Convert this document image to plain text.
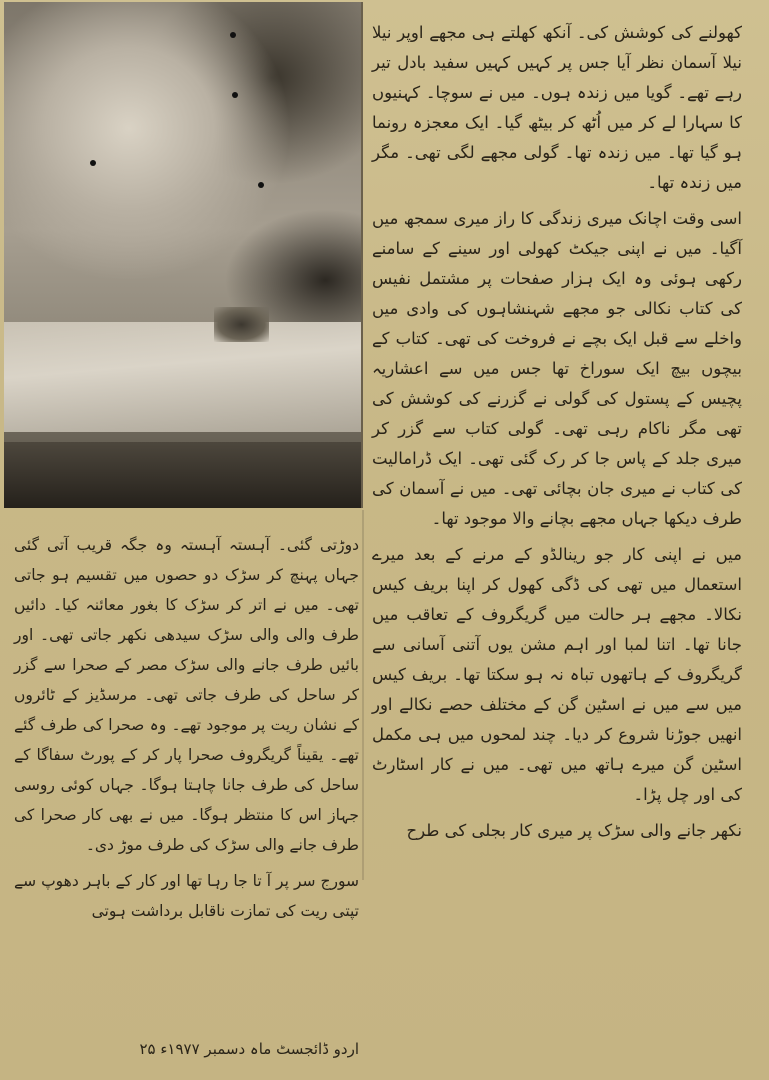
کھولنے کی کوشش کی۔ آنکھ کھلتے ہی مجھے اوپر نیلا نیلا آسمان نظر آیا جس پر کہیں کہیں سفید بادل تیر رہے تھے۔ گویا میں زندہ ہوں۔ میں نے سوچا۔ کہنیوں کا سہارا لے کر میں اُٹھ کر بیٹھ گیا۔ ایک معجزہ رونما ہو گیا تھا۔ میں زندہ تھا۔ گولی مجھے لگی تھی۔ مگر میں زندہ تھا۔

اسی وقت اچانک میری زندگی کا راز میری سمجھ میں آگیا۔ میں نے اپنی جیکٹ کھولی اور سینے کے سامنے رکھی ہوئی وہ ایک ہزار صفحات پر مشتمل نفیس کی کتاب نکالی جو مجھے شہنشاہوں کی وادی میں واخلے سے قبل ایک بچے نے فروخت کی تھی۔ کتاب کے بیچوں بیچ ایک سوراخ تھا جس میں سے اعشاریہ پچیس کے پستول کی گولی نے گزرنے کی کوشش کی تھی مگر ناکام رہی تھی۔ گولی کتاب سے گزر کر میری جلد کے پاس جا کر رک گئی تھی۔ ایک ڈرامالیت کی کتاب نے میری جان بچائی تھی۔ میں نے آسمان کی طرف دیکھا جہاں مجھے بچانے والا موجود تھا۔

میں نے اپنی کار جو رینالڈو کے مرنے کے بعد میرے استعمال میں تھی کی ڈگی کھول کر اپنا بریف کیس نکالا۔ مجھے ہر حالت میں گریگروف کے تعاقب میں جانا تھا۔ اتنا لمبا اور اہم مشن یوں آتنی آسانی سے گریگروف کے ہاتھوں تباہ نہ ہو سکتا تھا۔ بریف کیس میں سے میں نے اسٹین گن کے مختلف حصے نکالے اور انھیں جوڑنا شروع کر دیا۔ چند لمحوں میں ہی مکمل اسٹین گن میرے ہاتھ میں تھی۔ میں نے کار اسٹارٹ کی اور چل پڑا۔

نکھر جانے والی سڑک پر میری کار بجلی کی طرح

دوڑتی گئی۔ آہستہ آہستہ وہ جگہ قریب آتی گئی جہاں پہنچ کر سڑک دو حصوں میں تقسیم ہو جاتی تھی۔ میں نے اتر کر سڑک کا بغور معائنہ کیا۔ دائیں طرف والی والی سڑک سیدھی نکھر جاتی تھی۔ اور بائیں طرف جانے والی سڑک مصر کے صحرا سے گزر کر ساحل کی طرف جاتی تھی۔ مرسڈیز کے ٹائروں کے نشان ریت پر موجود تھے۔ وہ صحرا کی طرف گئے تھے۔ یقیناً گریگروف صحرا پار کر کے پورٹ سفاگا کے ساحل کی طرف جانا چاہتا ہوگا۔ جہاں کوئی روسی جہاز اس کا منتظر ہوگا۔ میں نے بھی کار صحرا کی طرف جانے والی سڑک کی طرف موڑ دی۔

سورج سر پر آ تا جا رہا تھا اور کار کے باہر دھوپ سے تپتی ریت کی تمازت ناقابل برداشت ہوتی

اردو ڈائجسٹ ماہ دسمبر ۱۹۷۷ء ۲۵
